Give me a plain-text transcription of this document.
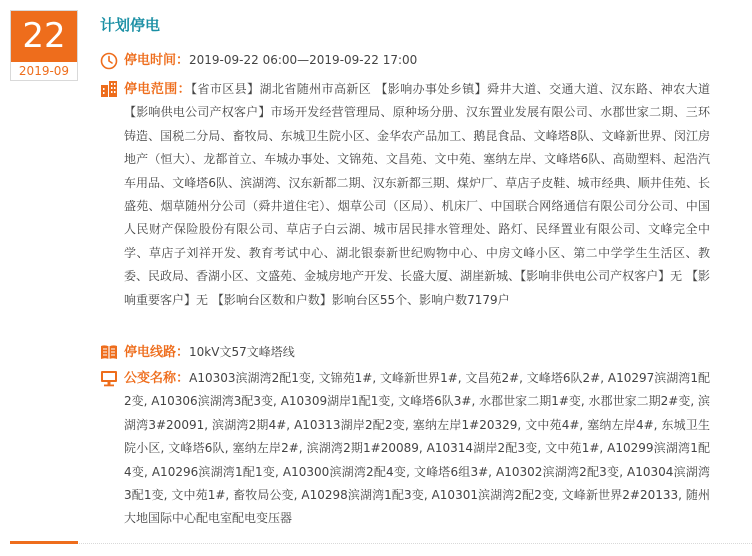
22
2019-09
计划停电
停电时间：2019-09-22 06:00—2019-09-22 17:00
停电范围：【省市区县】湖北省随州市高新区 【影响办事处乡镇】舜井大道、交通大道、汉东路、神农大道 【影响供电公司产权客户】市场开发经营管理局、原种场分册、汉东置业发展有限公司、水郡世家二期、三环铸造、国税二分局、畜牧局、东城卫生院小区、金华农产品加工、鹅昆食品、文峰塔8队、文峰新世界、闵江房地产（恒大）、龙都首立、车城办事处、文锦苑、文昌苑、文中苑、塞纳左岸、文峰塔6队、高勋塑料、起浩汽车用品、文峰塔6队、滨湖湾、汉东新都二期、汉东新都三期、煤炉厂、草店子皮鞋、城市经典、顺井佳苑、长盛苑、烟草随州分公司（舜井道住宅）、烟草公司（区局）、机床厂、中国联合网络通信有限公司分公司、中国人民财产保险股份有限公司、草店子白云湖、城市居民排水管理处、路灯、民绎置业有限公司、文峰完全中学、草店子刘祥开发、教育考试中心、湖北银泰新世纪购物中心、中房文峰小区、第二中学学生生活区、教委、民政局、香湖小区、文盛苑、金城房地产开发、长盛大厦、湖崖新城、【影响非供电公司产权客户】无 【影响重要客户】无 【影响台区数和户数】影响台区55个、影响户数7179户
停电线路：10kV文57文峰塔线
公变名称：A10303滨湖湾2配1变, 文锦苑1#, 文峰新世界1#, 文昌苑2#, 文峰塔6队2#, A10297滨湖湾1配2变, A10306滨湖湾3配3变, A10309湖岸1配1变, 文峰塔6队3#, 水郡世家二期1#变, 水郡世家二期2#变, 滨湖湾3#20091, 滨湖湾2期4#, A10313湖岸2配2变, 塞纳左岸1#20329, 文中苑4#, 塞纳左岸4#, 东城卫生院小区, 文峰塔6队, 塞纳左岸2#, 滨湖湾2期1#20089, A10314湖岸2配3变, 文中苑1#, A10299滨湖湾1配4变, A10296滨湖湾1配1变, A10300滨湖湾2配4变, 文峰塔6组3#, A10302滨湖湾2配3变, A10304滨湖湾3配1变, 文中苑1#, 畜牧局公变, A10298滨湖湾1配3变, A10301滨湖湾2配2变, 文峰新世界2#20133, 随州大地国际中心配电室配电变压器
